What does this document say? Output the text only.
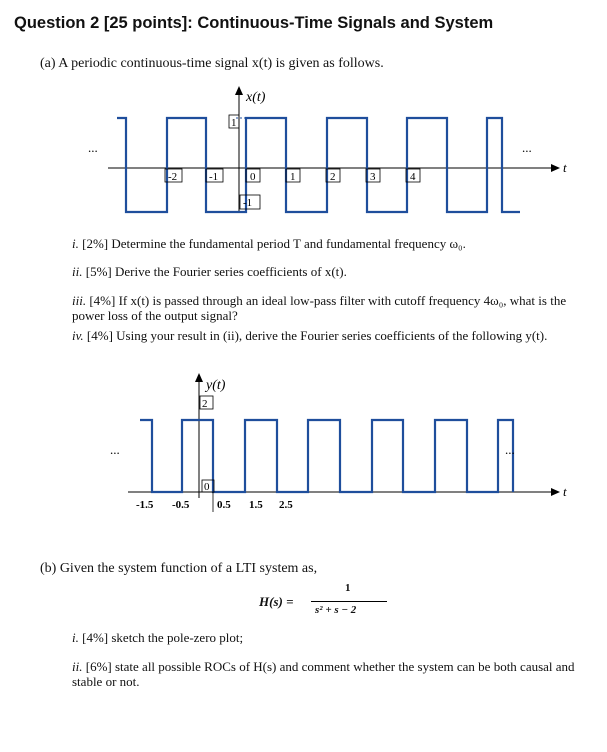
Question 2 [25 points]: Continuous-Time Signals and System
(a) A periodic continuous-time signal x(t) is given as follows.
-2	-1	0	1	2	3	4
-1
1
x(t)
t
...	...
i. [2%] Determine the fundamental period T and fundamental frequency ω₀.
ii. [5%] Derive the Fourier series coefficients of x(t).
iii. [4%] If x(t) is passed through an ideal low-pass filter with cutoff frequency 4ω₀, what is the power loss of the output signal?
iv. [4%] Using your result in (ii), derive the Fourier series coefficients of the following y(t).
2
0
y(t)
t
...	...
-1.5 -0.5	0.5 1.5 2.5
(b) Given the system function of a LTI system as,
H(s) =
1
s² + s − 2
i. [4%] sketch the pole-zero plot;
ii. [6%] state all possible ROCs of H(s) and comment whether the system can be both causal and stable or not.
